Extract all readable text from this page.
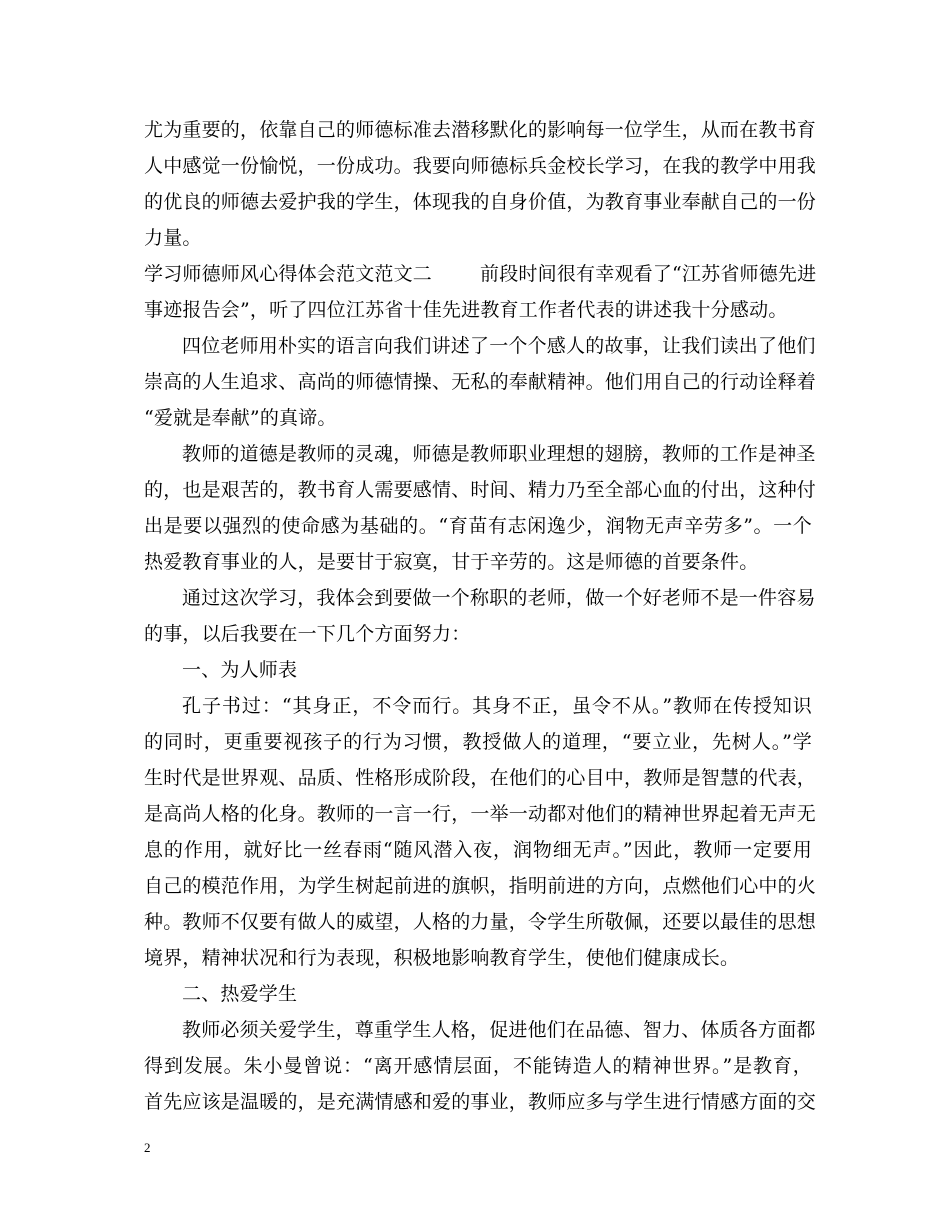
尤为重要的，依靠自己的师德标准去潜移默化的影响每一位学生，从而在教书育
人中感觉一份愉悦，一份成功。我要向师德标兵金校长学习，在我的教学中用我
的优良的师德去爱护我的学生，体现我的自身价值，为教育事业奉献自己的一份
力量。
学习师德师风心得体会范文范文二	前段时间很有幸观看了“江苏省师德先进
事迹报告会”，听了四位江苏省十佳先进教育工作者代表的讲述我十分感动。
四位老师用朴实的语言向我们讲述了一个个感人的故事，让我们读出了他们
崇高的人生追求、高尚的师德情操、无私的奉献精神。他们用自己的行动诠释着
“爱就是奉献”的真谛。
教师的道德是教师的灵魂，师德是教师职业理想的翅膀，教师的工作是神圣
的，也是艰苦的，教书育人需要感情、时间、精力乃至全部心血的付出，这种付
出是要以强烈的使命感为基础的。“育苗有志闲逸少，润物无声辛劳多”。一个
热爱教育事业的人，是要甘于寂寞，甘于辛劳的。这是师德的首要条件。
通过这次学习，我体会到要做一个称职的老师，做一个好老师不是一件容易
的事，以后我要在一下几个方面努力：
一、为人师表
孔子书过：“其身正，不令而行。其身不正，虽令不从。”教师在传授知识
的同时，更重要视孩子的行为习惯，教授做人的道理，“要立业，先树人。”学
生时代是世界观、品质、性格形成阶段，在他们的心目中，教师是智慧的代表，
是高尚人格的化身。教师的一言一行，一举一动都对他们的精神世界起着无声无
息的作用，就好比一丝春雨“随风潜入夜，润物细无声。”因此，教师一定要用
自己的模范作用，为学生树起前进的旗帜，指明前进的方向，点燃他们心中的火
种。教师不仅要有做人的威望，人格的力量，令学生所敬佩，还要以最佳的思想
境界，精神状况和行为表现，积极地影响教育学生，使他们健康成长。
二、热爱学生
教师必须关爱学生，尊重学生人格，促进他们在品德、智力、体质各方面都
得到发展。朱小曼曾说：“离开感情层面，不能铸造人的精神世界。”是教育，
首先应该是温暖的，是充满情感和爱的事业，教师应多与学生进行情感方面的交
2
